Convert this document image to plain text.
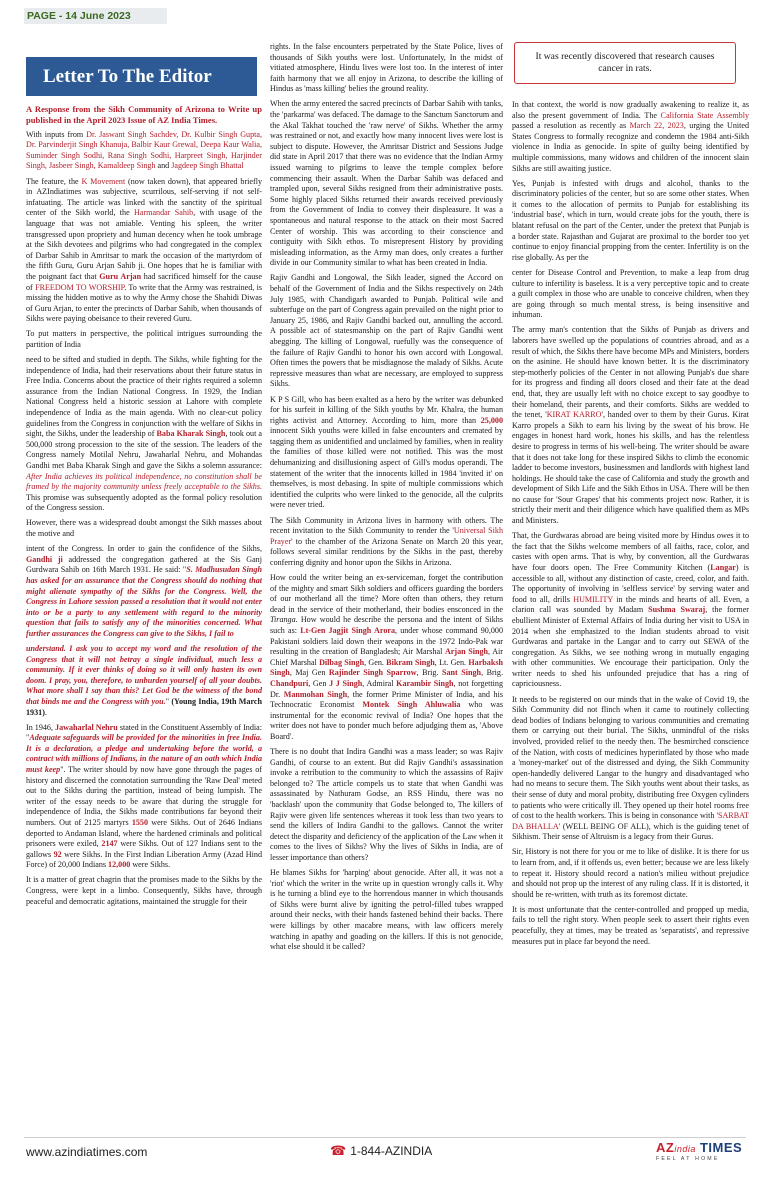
PAGE - 14 June 2023
Letter To The Editor

A Response from the Sikh Community of Arizona to Write up published in the April 2023 Issue of AZ India Times.

With inputs from Dr. Jaswant Singh Sachdev, Dr. Kulbir Singh Gupta, Dr. Parvinderjit Singh Khanuja, Balbir Kaur Grewal, Deepa Kaur Walia, Suminder Singh Sodhi, Rana Singh Sodhi, Harpreet Singh, Harjinder Singh, Jasbeer Singh, Kamaldeep Singh and Jagdeep Singh Bhattal

The feature, the K Movement (now taken down), that appeared briefly in AZIndiatimes was subjective, scurrilous, self-serving if not self-infatuating. The article was linked with the sanctity of the spiritual center of the Sikh world, the Harmandar Sahib, with usage of the language that was not amiable. Venting his spleen, the writer transgressed upon propriety and human decency when he took umbrage at the Sikh devotees and pilgrims who had congregated in the complex of Darbar Sahib in Amritsar to mark the occasion of the martyrdom of the fifth Guru, Guru Arjan Sahib ji. One hopes that he is familiar with the poignant fact that Guru Arjan had sacrificed himself for the cause of FREEDOM TO WORSHIP. To write that the Army was restrained, is missing the hidden motive as to why the Army chose the Shahidi Diwas of Guru Arjan, to enter the precincts of Darbar Sahib, when thousands of Sikhs were paying obeisance to their revered Guru.

To put matters in perspective, the political intrigues surrounding the partition of India

need to be sifted and studied in depth. The Sikhs, while fighting for the independence of India, had their reservations about their future status in Free India. Concerns about the practice of their rights required a solemn assurance from the Indian National Congress. In 1929, the Indian National Congress held a historic session at Lahore with complete independence of India as the main agenda. With no clear-cut policy guidelines from the Congress in conjunction with the welfare of Sikhs in sight, the Sikhs, under the leadership of Baba Kharak Singh, took out a 500,000 strong procession to the site of the session. The leaders of the Congress namely Motilal Nehru, Jawaharlal Nehru, and Mohandas Gandhi met Baba Kharak Singh and gave the Sikhs a solemn assurance: After India achieves its political independence, no constitution shall be framed by the majority community unless freely acceptable to the Sikhs. This promise was subsequently adopted as the formal policy resolution of the Congress session.

However, there was a widespread doubt amongst the Sikh masses about the motive and

intent of the Congress. In order to gain the confidence of the Sikhs, Gandhi ji addressed the congregation gathered at the Sis Ganj Gurdwara Sahib on 16th March 1931. He said: "S. Madhusudan Singh has asked for an assurance that the Congress should do nothing that might alienate sympathy of the Sikhs for the Congress. Well, the Congress in Lahore session passed a resolution that it would not enter into or be a party to any settlement with regard to the minority question that fails to satisfy any of the minorities concerned. What further assurances the Congress can give to the Sikhs, I fail to

understand. I ask you to accept my word and the resolution of the Congress that it will not betray a single individual, much less a community. If it ever thinks of doing so it will only hasten its own doom. I pray, you, therefore, to unburden yourself of all your doubts. What more shall I say than this? Let God be the witness of the bond that binds me and the Congress with you." (Young India, 19th March 1931).

In 1946, Jawaharlal Nehru stated in the Constituent Assembly of India: "Adequate safeguards will be provided for the minorities in free India. It is a declaration, a pledge and undertaking before the world, a contract with millions of Indians, in the nature of an oath which India must keep". The writer should by now have gone through the pages of history and discerned the connotation surrounding the 'Raw Deal' meted out to the Sikhs during the partition, instead of being lumpish. The writer of the essay needs to be aware that during the struggle for independence of India, the Sikhs made contributions far beyond their numbers. Out of 2125 martyrs 1550 were Sikhs. Out of 2646 Indians deported to Andaman Island, where the hardened criminals and political prisoners were exiled, 2147 were Sikhs. Out of 127 Indians sent to the gallows 92 were Sikhs. In the First Indian Liberation Army (Azad Hind Force) of 20,000 Indians 12,000 were Sikhs.

It is a matter of great chagrin that the promises made to the Sikhs by the Congress, were kept in a limbo. Consequently, Sikhs have, through peaceful and democratic agitations, maintained the struggle for their

rights. In the false encounters perpetrated by the State Police, lives of thousands of Sikh youths were lost. Unfortunately, In the midst of vitiated atmosphere, Hindu lives were lost too. In the interest of inter faith harmony that we all enjoy in Arizona, to describe the killing of Hindus as 'mass killing' belies the ground reality.

When the army entered the sacred precincts of Darbar Sahib with tanks, the 'parkarma' was defaced. The damage to the Sanctum Sanctorum and the Akal Takhat touched the 'raw nerve' of Sikhs. Whether the army was restrained or not, and exactly how many innocent lives were lost is subject to dispute. However, the Amritsar District and Sessions Judge did state in April 2017 that there was no evidence that the Indian Army issued warning to pilgrims to leave the temple complex before commencing their assault. When the Darbar Sahib was defaced and trampled upon, several Sikhs resigned from their administrative posts. Some highly placed Sikhs returned their awards received previously from the Government of India to convey their displeasure. It was a spontaneous and natural response to the attack on their most Sacred Center of worship. This was according to their conscience and contiguity with Sikh ethos. To misrepresent History by providing misleading information, as the Army man does, only creates a further divide in our Community similar to what has been created in India.

Rajiv Gandhi and Longowal, the Sikh leader, signed the Accord on behalf of the Government of India and the Sikhs respectively on 24th July 1985, with Chandigarh awarded to Punjab. Political wile and subterfuge on the part of Congress again prevailed on the night prior to January 25, 1986, and Rajiv Gandhi backed out, annulling the accord. A possible act of statesmanship on the part of Rajiv Gandhi went abegging. The killing of Longowal, ruefully was the consequence of the failure of Rajiv Gandhi to honor his own accord with Longowal. Often times the powers that be misdiagnose the malady of Sikhs. Acute repressive measures than what are necessary, are employed to suppress Sikhs.

K P S Gill, who has been exalted as a hero by the writer was debunked for his surfeit in killing of the Sikh youths by Mr. Khalra, the human rights activist and Attorney. According to him, more than 25,000 innocent Sikh youths were killed in false encounters and cremated by tagging them as unidentified and unclaimed by families, when in reality the families of those killed were not notified. This was the most dehumanizing and disillusioning aspect of Gill's modus operandi. The statement of the writer that the innocents killed in 1984 'invited it' on themselves, is most debasing. In spite of multiple commissions which identified the culprits who were linked to the genocide, all the culprits were never tried.

The Sikh Community in Arizona lives in harmony with others. The recent invitation to the Sikh Community to render the 'Universal Sikh Prayer' to the chamber of the Arizona Senate on March 20 this year, follows several similar renditions by the Sikhs in the past, thereby conferring dignity and honor upon the Sikhs in Arizona.

How could the writer being an ex-serviceman, forget the contribution of the mighty and smart Sikh soldiers and officers guarding the borders of our motherland all the time? More often than others, they return dead in the service of their motherland, their bodies ensconced in the Tiranga. How would he describe the persona and the intent of Sikhs such as: Lt-Gen Jagjit Singh Arora, under whose command 90,000 Pakistani soldiers laid down their weapons in the 1972 Indo-Pak war resulting in the creation of Bangladesh; Air Marshal Arjan Singh, Air Chief Marshal Dilbag Singh, Gen. Bikram Singh, Lt. Gen. Harbaksh Singh, Maj Gen Rajinder Singh Sparrow, Brig. Sant Singh, Brig. Chandpuri, Gen J J Singh, Admiral Karambir Singh, not forgetting Dr. Manmohan Singh, the former Prime Minister of India, and his Technocratic Economist Montek Singh Ahluwalia who was instrumental for the economic revival of India? One hopes that the writer does not have to ponder much before adjudging them as, 'Above Board'.

There is no doubt that Indira Gandhi was a mass leader; so was Rajiv Gandhi, of course to an extent. But did Rajiv Gandhi's assassination invoke a retribution to the community to which the assassins of Rajiv belonged to? The article compels us to state that when Gandhi was assassinated by Nathuram Godse, an RSS Hindu, there was no 'backlash' upon the community that Godse belonged to, The killers of Rajiv were given life sentences whereas it took less than two years to send the killers of Indira Gandhi to the gallows. Cannot the writer detect the disparity and deficiency of the application of the Law when it comes to the lives of Sikhs? Why the lives of Sikhs in India, are of lesser importance than others?

He blames Sikhs for 'harping' about genocide. After all, it was not a 'riot' which the writer in the write up in question wrongly calls it. Why is he turning a blind eye to the horrendous manner in which thousands of Sikhs were burnt alive by igniting the petrol-filled tubes wrapped around their necks, with their hands fastened behind their backs. There were killings by other macabre means, with law officers merely watching in apathy and goading on the killers. If this is not genocide, what else should it be called?

It was recently discovered that research causes cancer in rats.

In that context, the world is now gradually awakening to realize it, as also the present government of India. The California State Assembly passed a resolution as recently as March 22, 2023, urging the United States Congress to formally recognize and condemn the 1984 anti-Sikh violence in India as genocide. In spite of guilty being identified by multiple commissions, many widows and children of the innocent slain Sikhs are still awaiting justice.

Yes, Punjab is infested with drugs and alcohol, thanks to the discriminatory policies of the center, but so are some other states. When it comes to the allocation of permits to Punjab for establishing its 'industrial base', which in turn, would create jobs for the youth, there is blatant refusal on the part of the Center, under the pretext that Punjab is a border state. Rajasthan and Gujarat are proximal to the border too yet continue to enjoy financial propping from the center. Infertility is on the rise globally. As per the

center for Disease Control and Prevention, to make a leap from drug culture to infertility is baseless. It is a very perceptive topic and to create a guilt complex in those who are unable to conceive children, when they are going through so much mental stress, is being insensitive and inhuman.

The army man's contention that the Sikhs of Punjab as drivers and laborers have swelled up the populations of countries abroad, and as a result of which, the Sikhs there have become MPs and Ministers, borders on the asinine. He should have known better. It is the discriminatory step-motherly policies of the Center in not allowing Punjab's due share for its progress and finding all doors closed and their fate at the dead end, that, they are usually left with no choice except to say goodbye to their homeland, their parents, and their comforts. Sikhs are wedded to the tenet, 'KIRAT KARRO', handed over to them by their Gurus. Kirat Karro propels a Sikh to earn his living by the sweat of his brow. He engages in honest hard work, hones his skills, and has the relentless desire to progress in terms of his well-being. The writer should be aware that it does not take long for these inspired Sikhs to climb the economic ladder to become investors, businessmen and landlords with highest land holdings. He should take the case of California and study the growth and development of Sikh Life and the Sikh Ethos in USA. There will be then no cause for 'Sour Grapes' that his comments project now. Rather, it is strictly their merit and their diligence which have qualified them as MPs and Ministers.

That, the Gurdwaras abroad are being visited more by Hindus owes it to the fact that the Sikhs welcome members of all faiths, race, color, and castes with open arms. That is why, by convention, all the Gurdwaras have four doors open. The Free Community Kitchen (Langar) is accessible to all, without any distinction of caste, creed, color, and faith. The opportunity of involving in 'selfless service' by serving water and food to all, drills HUMILITY in the minds and hearts of all. Even, a clarion call was sounded by Madam Sushma Swaraj, the former ebullient Minister of External Affairs of India during her visit to USA in 2014 when she emphasized to the Indian students abroad to visit Gurdwaras and partake in the Langar and to carry out SEWA of the congregation. As Sikhs, we see nothing wrong in mutually engaging with other communities. We encourage their participation. Only the writer needs to shed his unfounded prejudice that has a ring of capriciousness.

It needs to be registered on our minds that in the wake of Covid 19, the Sikh Community did not flinch when it came to routinely collecting dead bodies of Indians belonging to various communities and cremating them or carrying out their burial. The Sikhs, unmindful of the risks involved, provided relief to the needy then. The besmirched conscience of the Nation, with costs of medicines hyperinflated by those who made a 'money-market' out of the distressed and dying, the Sikh Community open-handedly delivered Langar to the hungry and disadvantaged who had no means to secure them. The Sikh youths went about their tasks, as their sense of duty and moral probity, distributing free Oxygen cylinders to patients who were critically ill. They opened up their hotel rooms free of cost to the health workers. This is being in consonance with 'SARBAT DA BHALLA' (WELL BEING OF ALL), which is the guiding tenet of Sikhism. Their sense of Altruism is a legacy from their Gurus.

Sir, History is not there for you or me to like of dislike. It is there for us to learn from, and, if it offends us, even better; because we are less likely to repeat it. History should record a nation's milieu without prejudice and should not prop up the interest of any ruling class. If it is distorted, it should be re-written, with truth as its foremost dictate.

It is most unfortunate that the center-controlled and propped up media, fails to tell the right story. When people seek to assert their rights even peacefully, they at times, may be treated as 'separatists', and repressive measures put in place far beyond the need.

www.azindiatimes.com	☎ 1-844-AZINDIA	AZindia TIMES
FEEL AT HOME
